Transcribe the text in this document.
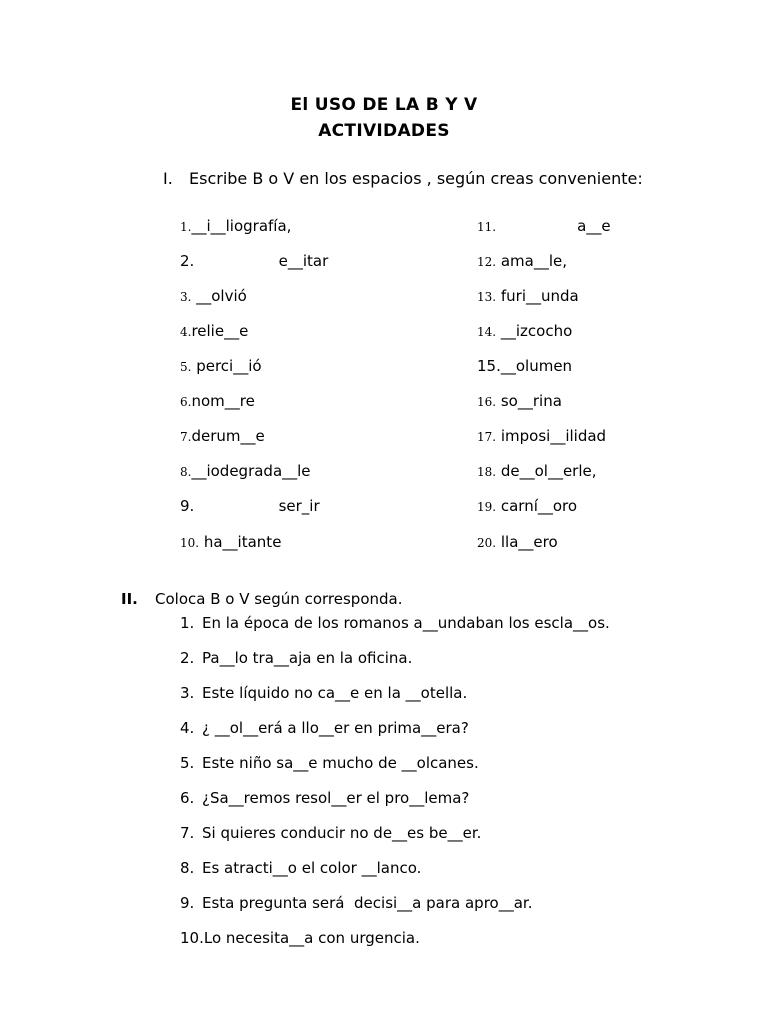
El USO DE LA B Y V
ACTIVIDADES
I. Escribe B o V en los espacios , según creas conveniente:
1.__i__liografía,
2.                e__itar
3. __olvió
4.relie__e
5. perci__ió
6.nom__re
7.derum__e
8.__iodegrada__le
9.                ser_ir
10. ha__itante
11.                 a__e
12. ama__le,
13. furi__unda
14. __izcocho
15.__olumen
16. so__rina
17. imposi__ilidad
18. de__ol__erle,
19. carní__oro
20. lla__ero
II. Coloca B o V según corresponda.
1. En la época de los romanos a__undaban los escla__os.
2. Pa__lo tra__aja en la oficina.
3. Este líquido no ca__e en la __otella.
4. ¿ __ol__erá a llo__er en prima__era?
5. Este niño sa__e mucho de __olcanes.
6. ¿Sa__remos resol__er el pro__lema?
7. Si quieres conducir no de__es be__er.
8. Es atracti__o el color __lanco.
9. Esta pregunta será  decisi__a para apro__ar.
10.Lo necesita__a con urgencia.
